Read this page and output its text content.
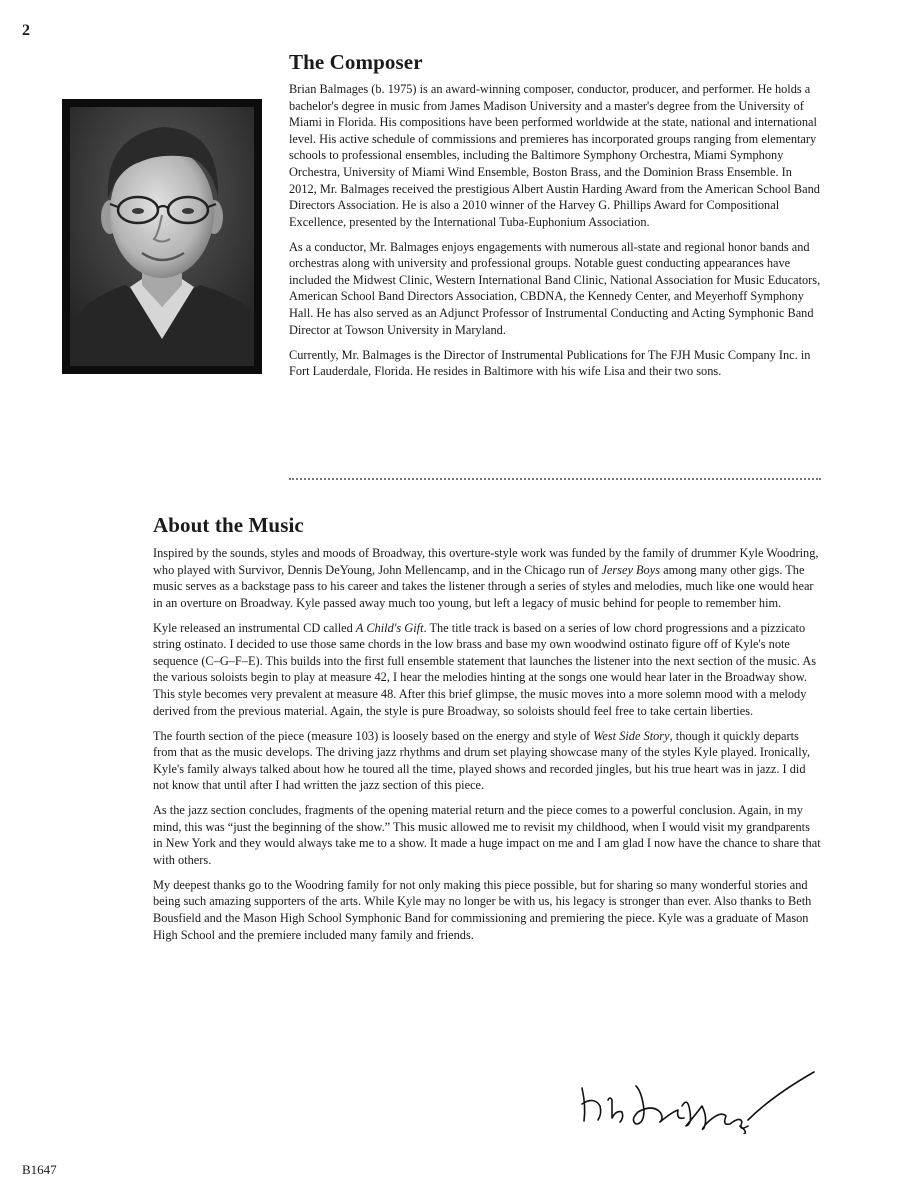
2
The Composer

Brian Balmages (b. 1975) is an award-winning composer, conductor, producer, and performer. He holds a bachelor's degree in music from James Madison University and a master's degree from the University of Miami in Florida. His compositions have been performed worldwide at the state, national and international level. His active schedule of commissions and premieres has incorporated groups ranging from elementary schools to professional ensembles, including the Baltimore Symphony Orchestra, Miami Symphony Orchestra, University of Miami Wind Ensemble, Boston Brass, and the Dominion Brass Ensemble. In 2012, Mr. Balmages received the prestigious Albert Austin Harding Award from the American School Band Directors Association. He is also a 2010 winner of the Harvey G. Phillips Award for Compositional Excellence, presented by the International Tuba-Euphonium Association.

As a conductor, Mr. Balmages enjoys engagements with numerous all-state and regional honor bands and orchestras along with university and professional groups. Notable guest conducting appearances have included the Midwest Clinic, Western International Band Clinic, National Association for Music Educators, American School Band Directors Association, CBDNA, the Kennedy Center, and Meyerhoff Symphony Hall. He has also served as an Adjunct Professor of Instrumental Conducting and Acting Symphonic Band Director at Towson University in Maryland.

Currently, Mr. Balmages is the Director of Instrumental Publications for The FJH Music Company Inc. in Fort Lauderdale, Florida. He resides in Baltimore with his wife Lisa and their two sons.

About the Music

Inspired by the sounds, styles and moods of Broadway, this overture-style work was funded by the family of drummer Kyle Woodring, who played with Survivor, Dennis DeYoung, John Mellencamp, and in the Chicago run of Jersey Boys among many other gigs. The music serves as a backstage pass to his career and takes the listener through a series of styles and melodies, much like one would hear in an overture on Broadway. Kyle passed away much too young, but left a legacy of music behind for people to remember him.

Kyle released an instrumental CD called A Child's Gift. The title track is based on a series of low chord progressions and a pizzicato string ostinato. I decided to use those same chords in the low brass and base my own woodwind ostinato figure off of Kyle's note sequence (C–G–F–E). This builds into the first full ensemble statement that launches the listener into the next section of the music. As the various soloists begin to play at measure 42, I hear the melodies hinting at the songs one would hear later in the Broadway show. This style becomes very prevalent at measure 48. After this brief glimpse, the music moves into a more solemn mood with a melody derived from the previous material. Again, the style is pure Broadway, so soloists should feel free to take certain liberties.

The fourth section of the piece (measure 103) is loosely based on the energy and style of West Side Story, though it quickly departs from that as the music develops. The driving jazz rhythms and drum set playing showcase many of the styles Kyle played. Ironically, Kyle's family always talked about how he toured all the time, played shows and recorded jingles, but his true heart was in jazz. I did not know that until after I had written the jazz section of this piece.

As the jazz section concludes, fragments of the opening material return and the piece comes to a powerful conclusion. Again, in my mind, this was “just the beginning of the show.” This music allowed me to revisit my childhood, when I would visit my grandparents in New York and they would always take me to a show. It made a huge impact on me and I am glad I now have the chance to share that with others.

My deepest thanks go to the Woodring family for not only making this piece possible, but for sharing so many wonderful stories and being such amazing supporters of the arts. While Kyle may no longer be with us, his legacy is stronger than ever. Also thanks to Beth Bousfield and the Mason High School Symphonic Band for commissioning and premiering the piece. Kyle was a graduate of Mason High School and the premiere included many family and friends.

B1647
